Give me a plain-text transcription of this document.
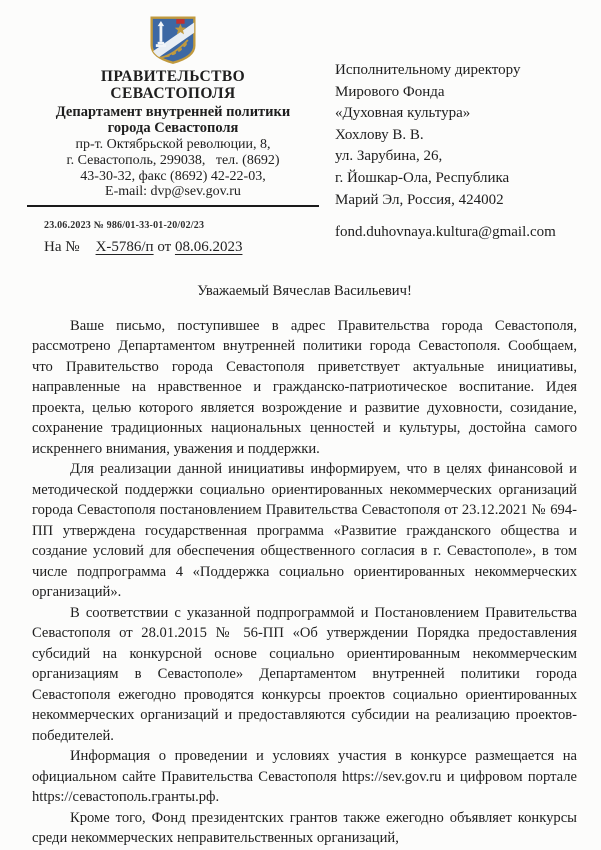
ПРАВИТЕЛЬСТВО
СЕВАСТОПОЛЯ
Департамент внутренней политики
города Севастополя
пр-т. Октябрьской революции, 8,
г. Севастополь, 299038,   тел. (8692)
43-30-32, факс (8692) 42-22-03,
E-mail: dvp@sev.gov.ru
23.06.2023 № 986/01-33-01-20/02/23
На № Х-5786/п от 08.06.2023
Исполнительному директору
Мирового Фонда
«Духовная культура»
Хохлову В. В.
ул. Зарубина, 26,
г. Йошкар-Ола, Республика
Марий Эл, Россия, 424002
fond.duhovnaya.kultura@gmail.com
Уважаемый Вячеслав Васильевич!

Ваше письмо, поступившее в адрес Правительства города Севастополя, рассмотрено Департаментом внутренней политики города Севастополя. Сообщаем, что Правительство города Севастополя приветствует актуальные инициативы, направленные на нравственное и гражданско-патриотическое воспитание. Идея проекта, целью которого является возрождение и развитие духовности, созидание, сохранение традиционных национальных ценностей и культуры, достойна самого искреннего внимания, уважения и поддержки.

Для реализации данной инициативы информируем, что в целях финансовой и методической поддержки социально ориентированных некоммерческих организаций города Севастополя постановлением Правительства Севастополя от 23.12.2021 № 694-ПП утверждена государственная программа «Развитие гражданского общества и создание условий для обеспечения общественного согласия в г. Севастополе», в том числе подпрограмма 4 «Поддержка социально ориентированных некоммерческих организаций».

В соответствии с указанной подпрограммой и Постановлением Правительства Севастополя от 28.01.2015 № 56-ПП «Об утверждении Порядка предоставления субсидий на конкурсной основе социально ориентированным некоммерческим организациям в Севастополе» Департаментом внутренней политики города Севастополя ежегодно проводятся конкурсы проектов социально ориентированных некоммерческих организаций и предоставляются субсидии на реализацию проектов-победителей.

Информация о проведении и условиях участия в конкурсе размещается на официальном сайте Правительства Севастополя https://sev.gov.ru и цифровом портале https://севастополь.гранты.рф.

Кроме того, Фонд президентских грантов также ежегодно объявляет конкурсы среди некоммерческих неправительственных организаций,
